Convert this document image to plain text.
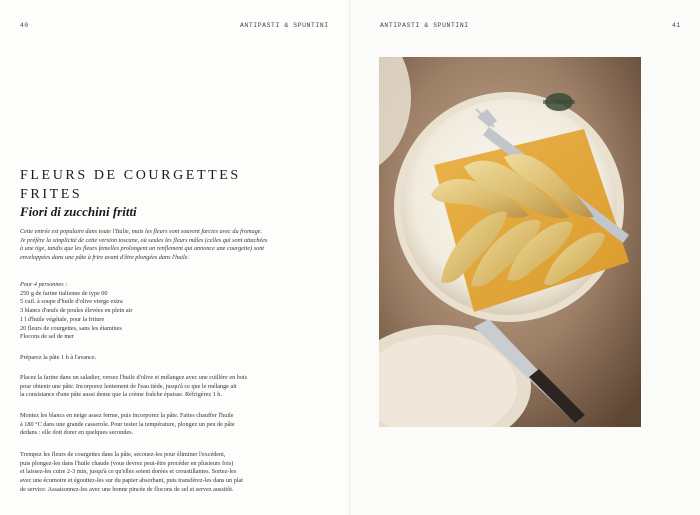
40	ANTIPASTI & SPUNTINI
FLEURS DE COURGETTES
FRITES
Fiori di zucchini fritti
Cette entrée est populaire dans toute l'Italie, mais les fleurs sont souvent farcies avec du fromage.
Je préfère la simplicité de cette version toscane, où seules les fleurs mâles (celles qui sont attachées
à une tige, tandis que les fleurs femelles prolongent un renflement qui annonce une courgette) sont
enveloppées dans une pâte à frire avant d'être plongées dans l'huile.
Pour 4 personnes :
250 g de farine italienne de type 00
5 cuil. à soupe d'huile d'olive vierge extra
3 blancs d'œufs de poules élevées en plein air
1 l d'huile végétale, pour la friture
20 fleurs de courgettes, sans les étamines
Flocons de sel de mer
Préparez la pâte 1 h à l'avance.
Placez la farine dans un saladier, versez l'huile d'olive et mélangez avec une cuillère en bois
pour obtenir une pâte. Incorporez lentement de l'eau tiède, jusqu'à ce que le mélange ait
la consistance d'une pâte aussi dense que la crème fraîche épaisse. Réfrigérez 1 h.
Montez les blancs en neige assez ferme, puis incorporez la pâte. Faites chauffer l'huile
à 180 °C dans une grande casserole. Pour tester la température, plongez un peu de pâte
dedans : elle doit dorer en quelques secondes.
Trempez les fleurs de courgettes dans la pâte, secouez-les pour éliminer l'excédent,
puis plongez-les dans l'huile chaude (vous devrez peut-être procéder en plusieurs fois)
et laissez-les cuire 2-3 min, jusqu'à ce qu'elles soient dorées et croustillantes. Sortez-les
avec une écumoire et égouttez-les sur du papier absorbant, puis transférez-les dans un plat
de service. Assaisonnez-les avec une bonne pincée de flocons de sel et servez aussitôt.
ANTIPASTI & SPUNTINI	41
